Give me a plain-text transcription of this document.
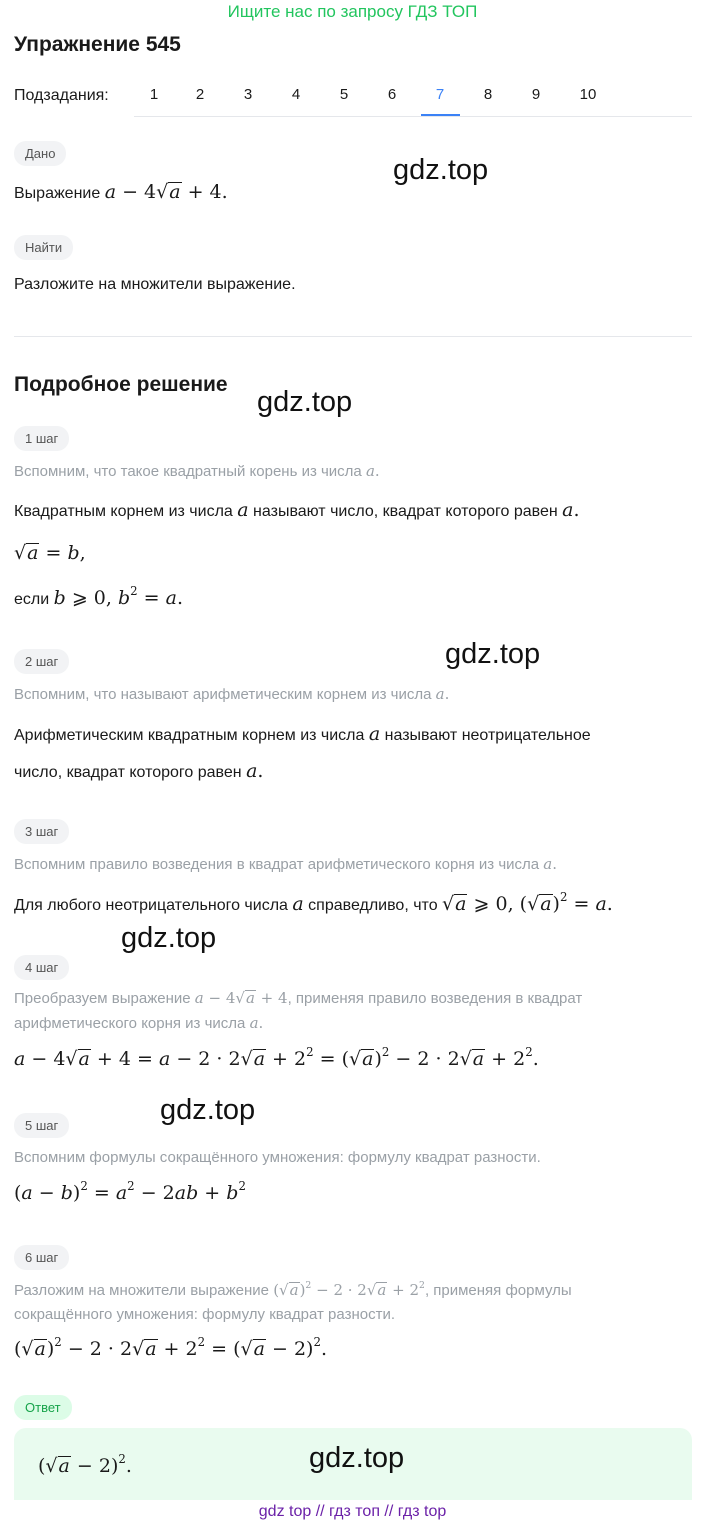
Ищите нас по запросу ГДЗ ТОП
Упражнение 545
Подзадания:	1	2	3	4	5	6	7	8	9	10
Дано
Выражение a − 4√a + 4.
Найти
Разложите на множители выражение.
Подробное решение
1 шаг
Вспомним, что такое квадратный корень из числа a.
Квадратным корнем из числа a называют число, квадрат которого равен a.
√a = b,
если b ⩾ 0, $b^2 = a$.
2 шаг
Вспомним, что называют арифметическим корнем из числа a.
Арифметическим квадратным корнем из числа a называют неотрицательное
число, квадрат которого равен a.
3 шаг
Вспомним правило возведения в квадрат арифметического корня из числа a.
Для любого неотрицательного числа a справедливо, что √a ⩾ 0, $(√a)^2 = a$.
4 шаг
Преобразуем выражение a − 4√a + 4, применяя правило возведения в квадрат
арифметического корня из числа a.
$a - 4√a + 4 = a - 2 \cdot 2√a + 2^2 = (√a)^2 - 2 \cdot 2√a + 2^2$.
5 шаг
Вспомним формулы сокращённого умножения: формулу квадрат разности.
$(a - b)^2 = a^2 - 2ab + b^2$
6 шаг
Разложим на множители выражение $(√a)^2 - 2 \cdot 2√a + 2^2$, применяя формулы
сокращённого умножения: формулу квадрат разности.
$(√a)^2 - 2 \cdot 2√a + 2^2 = (√a - 2)^2$.
Ответ
$(√a - 2)^2$.
gdz.top
gdz.top
gdz.top
gdz.top
gdz.top
gdz.top
gdz top // гдз топ // гдз top
